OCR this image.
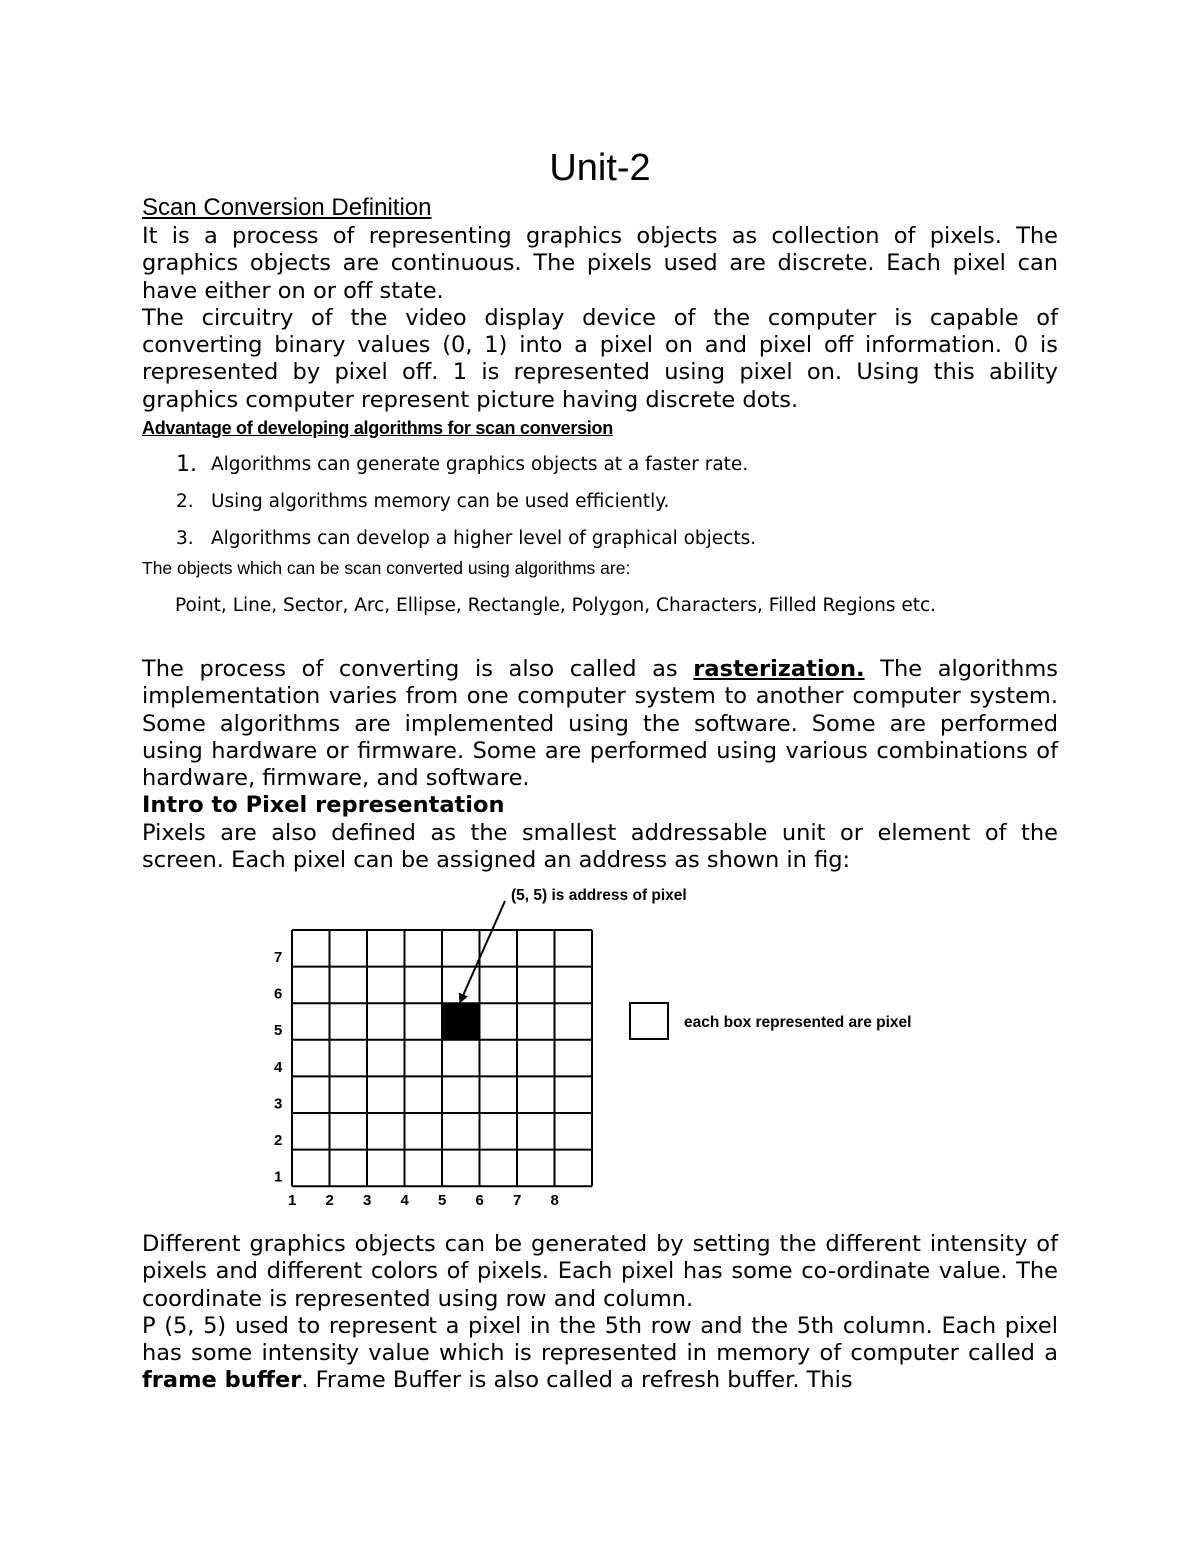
Unit-2

Scan Conversion Definition

It is a process of representing graphics objects as collection of pixels. The graphics objects are continuous. The pixels used are discrete. Each pixel can have either on or off state.

The circuitry of the video display device of the computer is capable of converting binary values (0, 1) into a pixel on and pixel off information. 0 is represented by pixel off. 1 is represented using pixel on. Using this ability graphics computer represent picture having discrete dots.

Advantage of developing algorithms for scan conversion

1. Algorithms can generate graphics objects at a faster rate.
2. Using algorithms memory can be used efficiently.
3. Algorithms can develop a higher level of graphical objects.

The objects which can be scan converted using algorithms are:

Point, Line, Sector, Arc, Ellipse, Rectangle, Polygon, Characters, Filled Regions etc.

The process of converting is also called as rasterization. The algorithms implementation varies from one computer system to another computer system. Some algorithms are implemented using the software. Some are performed using hardware or firmware. Some are performed using various combinations of hardware, firmware, and software.

Intro to Pixel representation

Pixels are also defined as the smallest addressable unit or element of the screen. Each pixel can be assigned an address as shown in fig:

(5, 5) is address of pixel
1 2 3 4 5 6 7 8
7
6
5
4
3
2
1
each box represented are pixel

Different graphics objects can be generated by setting the different intensity of pixels and different colors of pixels. Each pixel has some co-ordinate value. The coordinate is represented using row and column.

P (5, 5) used to represent a pixel in the 5th row and the 5th column. Each pixel has some intensity value which is represented in memory of computer called a frame buffer. Frame Buffer is also called a refresh buffer. This
